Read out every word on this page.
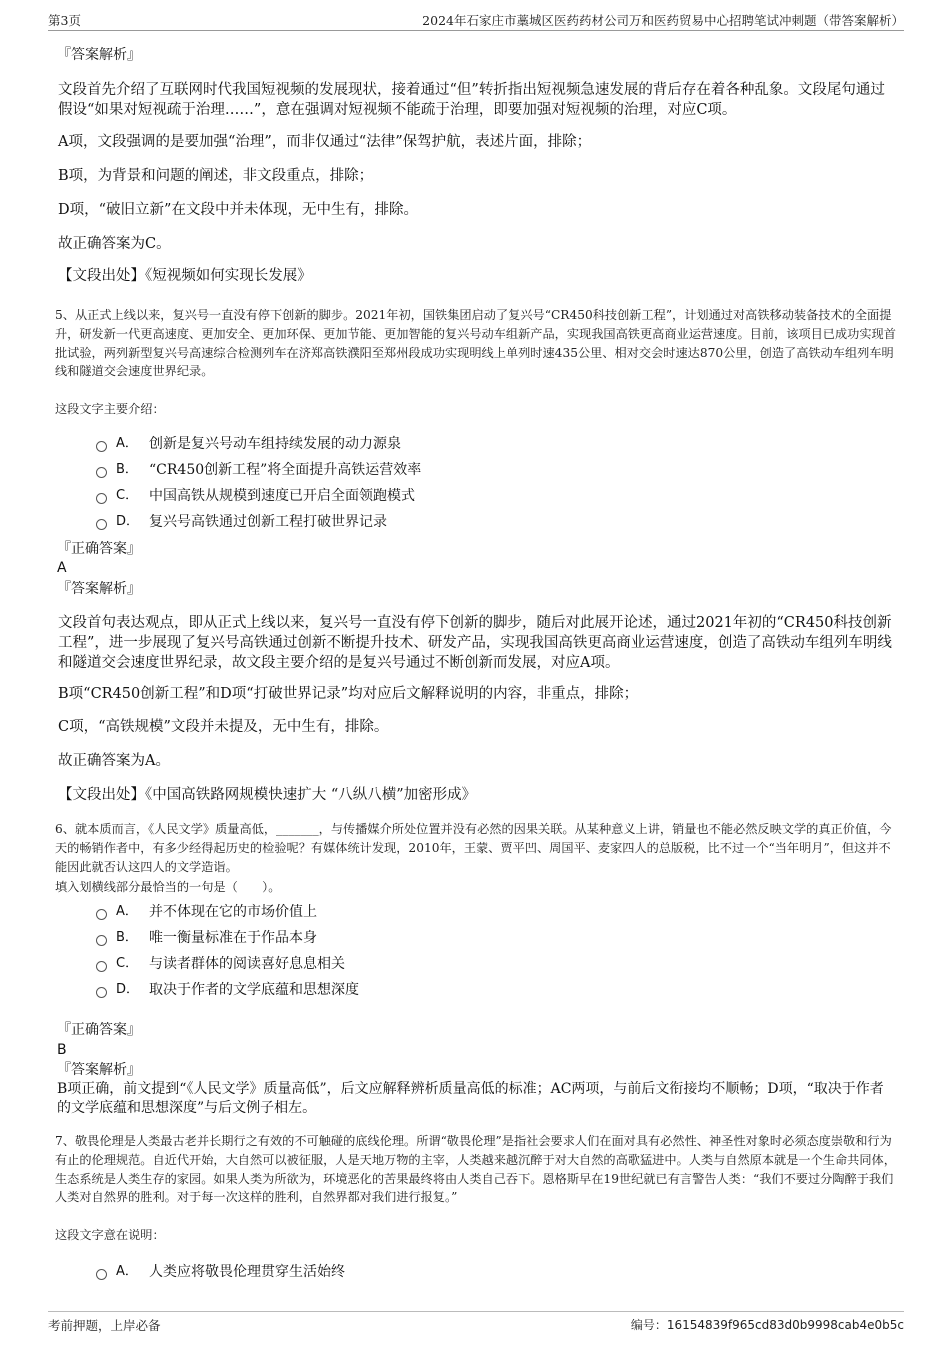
第3页	2024年石家庄市藁城区医药药材公司万和医药贸易中心招聘笔试冲刺题（带答案解析）
『答案解析』
文段首先介绍了互联网时代我国短视频的发展现状，接着通过“但”转折指出短视频急速发展的背后存在着各种乱象。文段尾句通过假设“如果对短视疏于治理……”，意在强调对短视频不能疏于治理，即要加强对短视频的治理，对应C项。
A项，文段强调的是要加强“治理”，而非仅通过“法律”保驾护航，表述片面，排除；
B项，为背景和问题的阐述，非文段重点，排除；
D项，“破旧立新”在文段中并未体现，无中生有，排除。
故正确答案为C。
【文段出处】《短视频如何实现长发展》
5、从正式上线以来，复兴号一直没有停下创新的脚步。2021年初，国铁集团启动了复兴号“CR450科技创新工程”，计划通过对高铁移动装备技术的全面提升，研发新一代更高速度、更加安全、更加环保、更加节能、更加智能的复兴号动车组新产品，实现我国高铁更高商业运营速度。目前，该项目已成功实现首批试验，两列新型复兴号高速综合检测列车在济郑高铁濮阳至郑州段成功实现明线上单列时速435公里、相对交会时速达870公里，创造了高铁动车组列车明线和隧道交会速度世界纪录。
这段文字主要介绍：
A． 创新是复兴号动车组持续发展的动力源泉
B． “CR450创新工程”将全面提升高铁运营效率
C． 中国高铁从规模到速度已开启全面领跑模式
D． 复兴号高铁通过创新工程打破世界记录
『正确答案』
A
『答案解析』
文段首句表达观点，即从正式上线以来，复兴号一直没有停下创新的脚步，随后对此展开论述，通过2021年初的“CR450科技创新工程”，进一步展现了复兴号高铁通过创新不断提升技术、研发产品，实现我国高铁更高商业运营速度，创造了高铁动车组列车明线和隧道交会速度世界纪录，故文段主要介绍的是复兴号通过不断创新而发展，对应A项。
B项“CR450创新工程”和D项“打破世界记录”均对应后文解释说明的内容，非重点，排除；
C项，“高铁规模”文段并未提及，无中生有，排除。
故正确答案为A。
【文段出处】《中国高铁路网规模快速扩大 “八纵八横”加密形成》
6、就本质而言，《人民文学》质量高低，_______，与传播媒介所处位置并没有必然的因果关联。从某种意义上讲，销量也不能必然反映文学的真正价值，今天的畅销作者中，有多少经得起历史的检验呢？有媒体统计发现，2010年，王蒙、贾平凹、周国平、麦家四人的总版税，比不过一个“当年明月”，但这并不能因此就否认这四人的文学造诣。
填入划横线部分最恰当的一句是（　　）。
A． 并不体现在它的市场价值上
B． 唯一衡量标准在于作品本身
C． 与读者群体的阅读喜好息息相关
D． 取决于作者的文学底蕴和思想深度
『正确答案』
B
『答案解析』
B项正确，前文提到“《人民文学》质量高低”，后文应解释辨析质量高低的标准；AC两项，与前后文衔接均不顺畅；D项，“取决于作者的文学底蕴和思想深度”与后文例子相左。
7、敬畏伦理是人类最古老并长期行之有效的不可触碰的底线伦理。所谓“敬畏伦理”是指社会要求人们在面对具有必然性、神圣性对象时必须态度崇敬和行为有止的伦理规范。自近代开始，大自然可以被征服，人是天地万物的主宰，人类越来越沉醉于对大自然的高歌猛进中。人类与自然原本就是一个生命共同体，生态系统是人类生存的家园。如果人类为所欲为，环境恶化的苦果最终将由人类自己吞下。恩格斯早在19世纪就已有言警告人类：“我们不要过分陶醉于我们人类对自然界的胜利。对于每一次这样的胜利，自然界都对我们进行报复。”
这段文字意在说明：
A． 人类应将敬畏伦理贯穿生活始终
考前押题，上岸必备	编号：16154839f965cd83d0b9998cab4e0b5c
